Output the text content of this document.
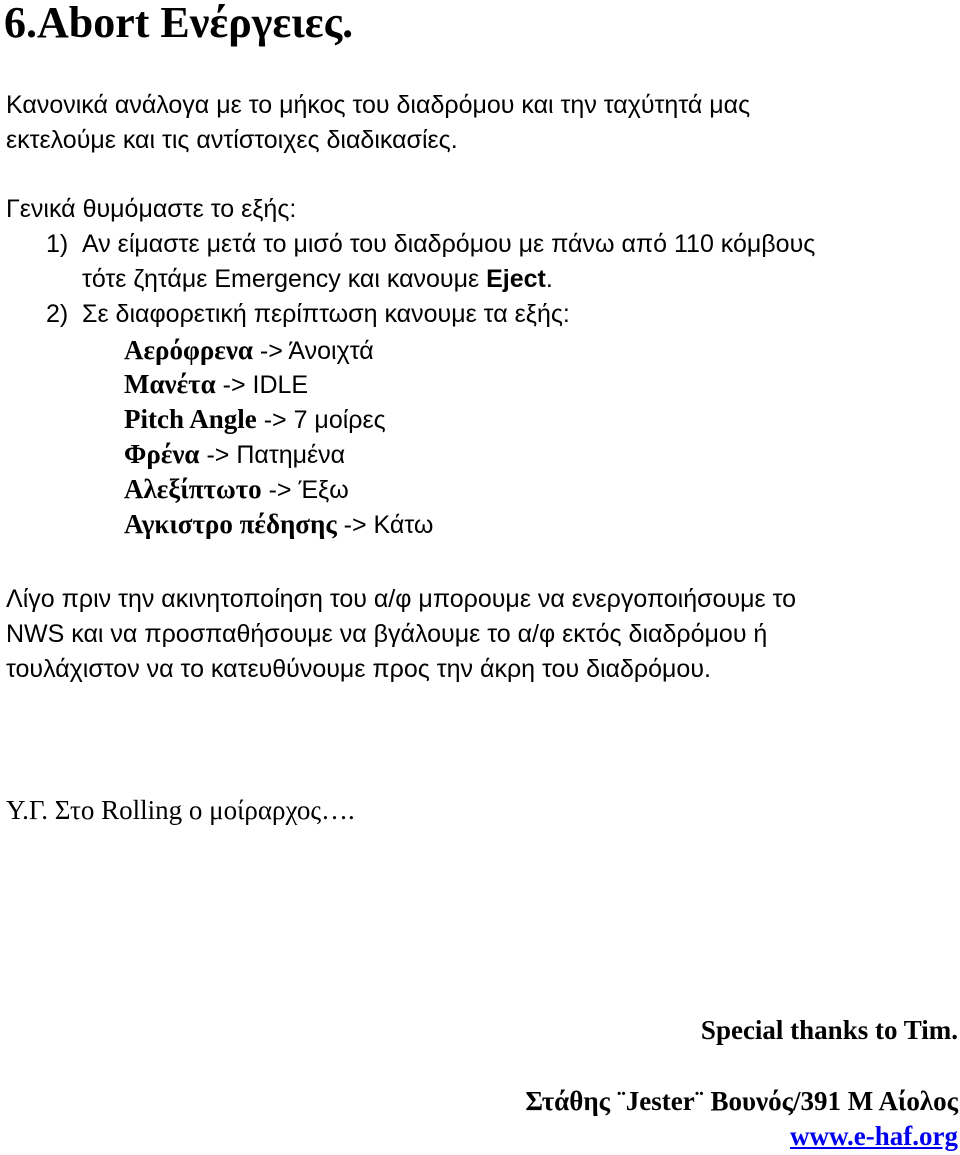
6.Abort Ενέργειες.
Κανονικά ανάλογα με το μήκος του διαδρόμου και την ταχύτητά μας
εκτελούμε και τις αντίστοιχες διαδικασίες.
Γενικά θυμόμαστε το εξής:
1) Αν είμαστε μετά το μισό του διαδρόμου με πάνω από 110 κόμβους
τότε ζητάμε Emergency και κανουμε Eject.
2) Σε διαφορετική περίπτωση κανουμε τα εξής:
Αερόφρενα -> Άνοιχτά
Μανέτα -> IDLE
Pitch Angle -> 7 μοίρες
Φρένα -> Πατημένα
Αλεξίπτωτο -> Έξω
Αγκιστρο πέδησης -> Κάτω
Λίγο πριν την ακινητοποίηση του α/φ μπορουμε να ενεργοποιήσουμε το
NWS και να προσπαθήσουμε να βγάλουμε το α/φ εκτός διαδρόμου ή
τουλάχιστον να το κατευθύνουμε προς την άκρη του διαδρόμου.
Υ.Γ. Στο Rolling ο μοίραρχος….
Special thanks to Tim.
Στάθης ¨Jester¨ Βουνός/391 Μ Αίολος
www.e-haf.org
